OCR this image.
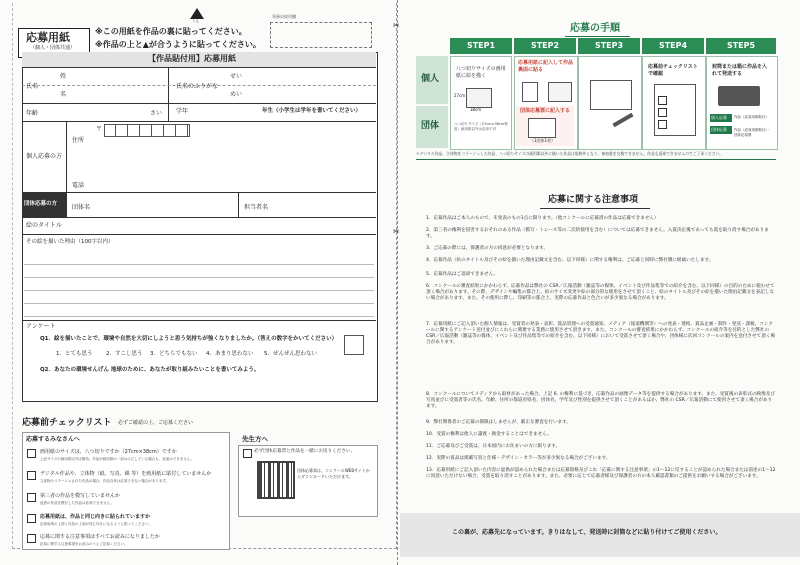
応募用紙
（個人・団体共通）
うえ
※この用紙を作品の裏に貼ってください。
※作品の上と▲が合うように貼ってください。
事務局使用欄
【作品貼付用】応募用紙
氏名
姓
名
氏名のふりがな
せい
めい
年齢	さい 学年	年生（小学生は学年を書いてください）
個人応募の方
住所
〒
電話
団体応募の方 団体名	担当者名
絵のタイトル
その絵を描いた理由（100字以内）
アンケート
Q1．絵を描いたことで、環境や自然を大切にしようと思う気持ちが強くなりましたか。（答えの数字をかいてください）
1．とても思う 2．すこし思う 3．どちらでもない 4．あまり思わない 5．ぜんぜん思わない
Q2．あなたの環境せんげん 地球のために、あなたが取り組みたいことを書いてみよう。
応募前チェックリスト 必ずご確認の上、ご応募ください
応募するみなさんへ
画用紙のサイズは、八つ切りですか（27cm×38cm）ですか
上記サイズの画用紙以外は無効。作品が画用紙の一部はみだしている場合も、参加はできません。
デジタル作品や、立体物（紙、写真、綿 等）を画用紙に貼付していませんか
立体物やコラージュされた作品の場合、作品自体は応募できない場合があります。
第三者の作品を模写していませんか
他者の作品を模写した作品は応募できません。
応募用紙は、作品と同じ向きに貼られていますか
応募用紙の上部と作品の上部が同じ向きになるように貼ってください。
応募に関する注意事項はすべてお読みになりましたか
応募に関する注意事項をお読みのうえご応募ください。
先生方へ
必ず団体応募票と作品を一緒にお送りください。
団体応募票は、コンクールWEBサイトからダウンロードいただけます。
✂
✂
応募の手順
STEP1	STEP2	STEP3	STEP4	STEP5
個人
団体
八つ切りサイズの画用紙に絵を描く
38cm
27cm
八つ切りサイズ（27cm×38cm程度）画用紙以外は応募不可
応募用紙に記入して作品裏面に貼る
団体応募票に記入する
（1団体1枚）
応募前チェックリストで確認
封筒または箱に作品を入れて発送する
個人応募 作品（応募用紙貼付）
団体応募 作品（応募用紙貼付）・団体応募票
＊デジタル作品、立体物をコラージュした作品、八つ切りサイズの画用紙以外に描いた作品は規格外となり、参加賞を交換できません。作品も返却できませんのでご了承ください。
応募に関する注意事項
1．応募作品はご本人のもので、未発表のもの1点に限ります。（他コンクールに応募済の作品は応募できません）
2．第三者の権利を侵害するおそれのある作品（模写・トレース等の二次的使用を含む）については応募できません。入賞決定後であっても賞を取り消す場合があります。
3．ご応募の際には、保護者の方の同意が必要となります。
4．応募作品（絵のタイトル及びその絵を描いた理由記載文を含む、以下同様）に関する権利は、ご応募と同時に弊社側に帰属いたします。
5．応募作品はご返却できません。
6．コンクールの審査結果にかかわらず、応募作品は弊社の CSR／広報活動（雑誌等の媒体、イベント及び作品集等での紹介を含む、以下同様）の目的のために使わせて頂く場合があります。その際、デザインや編集の都合上、絵のサイズ変更や絵の部分的な使用をさせて頂くこと、絵のタイトル及びその絵を描いた理由記載文を表記しない場合があります。また、その使用に際し、印刷等の都合上、実際の応募作品と色合いが多少異なる場合があります。
7．応募用紙にご記入頂いた個人情報は、受賞者の発表・表彰、賞品管理への受賞通知、メディア（報道機関等）への発表・連絡、賞品企画・制作・発送・課税、コンクールに関するアンケート送付並びにこれらに関連する業務に使用させて頂きます。また、コンクールの審査結果にかかわらず、コンクールの紹介等を目的とした弊社の CSR／広報活動（雑誌等の媒体、イベント及び作品集等での紹介を含む、以下同様）において受賞させて頂く場合や、団体様に次回コンクールの案内を送付させて頂く場合があります。
8．コンクールについてメディアから取材があった場合、上記 6. の権利に基づき、応募作品の画像データ等を提供する場合があります。また、受賞後の表彰式の映像及び写真並びに受賞者等の氏名、年齢、住所の都道府県名、団体名、学年及び性別を提供させて頂くことがあるほか、弊社の CSR／広報活動にて使用させて頂く場合があります。
9．弊社関係者のご応募の制限はしませんが、厳正な審査を行います。
10．受賞の権利は他人に譲渡・換金することはできません。
11．ご応募及びご受賞は、日本国内にお住まいの方に限ります。
12．実際の賞品は掲載写真と仕様・デザイン・カラー等が多少異なる場合がございます。
13．応募用紙にご記入頂いた内容に虚偽が認められた場合または応募資格及びこれ「応募に関する注意事項」の1～12に反することが認められた場合または前述の1～12に同意いただけない場合、受賞を取り消すことがあります。また、必要に応じて応募者様及び保護者の方の本人確認書類のご提供をお願いする場合がございます。
この裏が、応募先になっています。きりはなして、発送時に封筒などに貼り付けてご使用ください。
